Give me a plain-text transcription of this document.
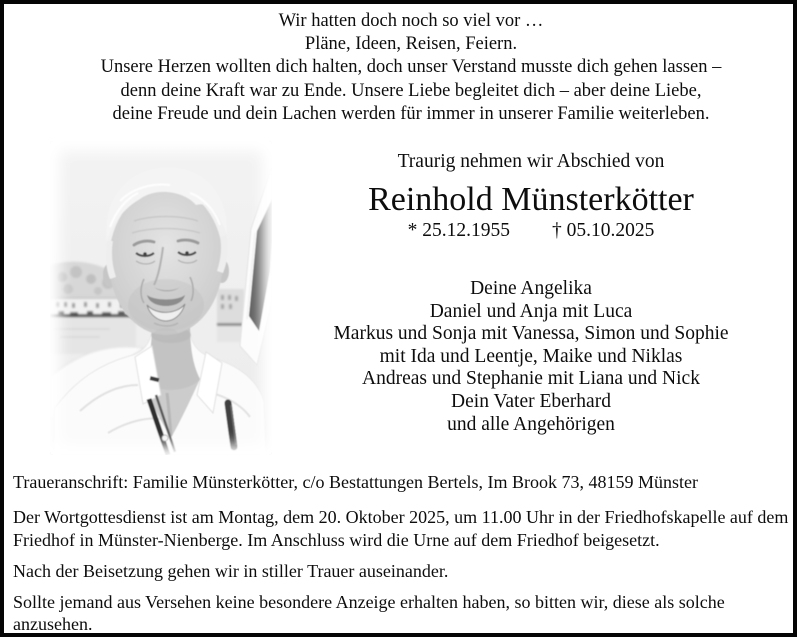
Wir hatten doch noch so viel vor …
Pläne, Ideen, Reisen, Feiern.
Unsere Herzen wollten dich halten, doch unser Verstand musste dich gehen lassen –
denn deine Kraft war zu Ende. Unsere Liebe begleitet dich – aber deine Liebe,
deine Freude und dein Lachen werden für immer in unserer Familie weiterleben.
Traurig nehmen wir Abschied von
Reinhold Münsterkötter
* 25.12.1955 † 05.10.2025
Deine Angelika
Daniel und Anja mit Luca
Markus und Sonja mit Vanessa, Simon und Sophie
mit Ida und Leentje, Maike und Niklas
Andreas und Stephanie mit Liana und Nick
Dein Vater Eberhard
und alle Angehörigen
Traueranschrift: Familie Münsterkötter, c/o Bestattungen Bertels, Im Brook 73, 48159 Münster
Der Wortgottesdienst ist am Montag, dem 20. Oktober 2025, um 11.00 Uhr in der Friedhofskapelle auf dem Friedhof in Münster-Nienberge. Im Anschluss wird die Urne auf dem Friedhof beigesetzt.
Nach der Beisetzung gehen wir in stiller Trauer auseinander.
Sollte jemand aus Versehen keine besondere Anzeige erhalten haben, so bitten wir, diese als solche anzusehen.
